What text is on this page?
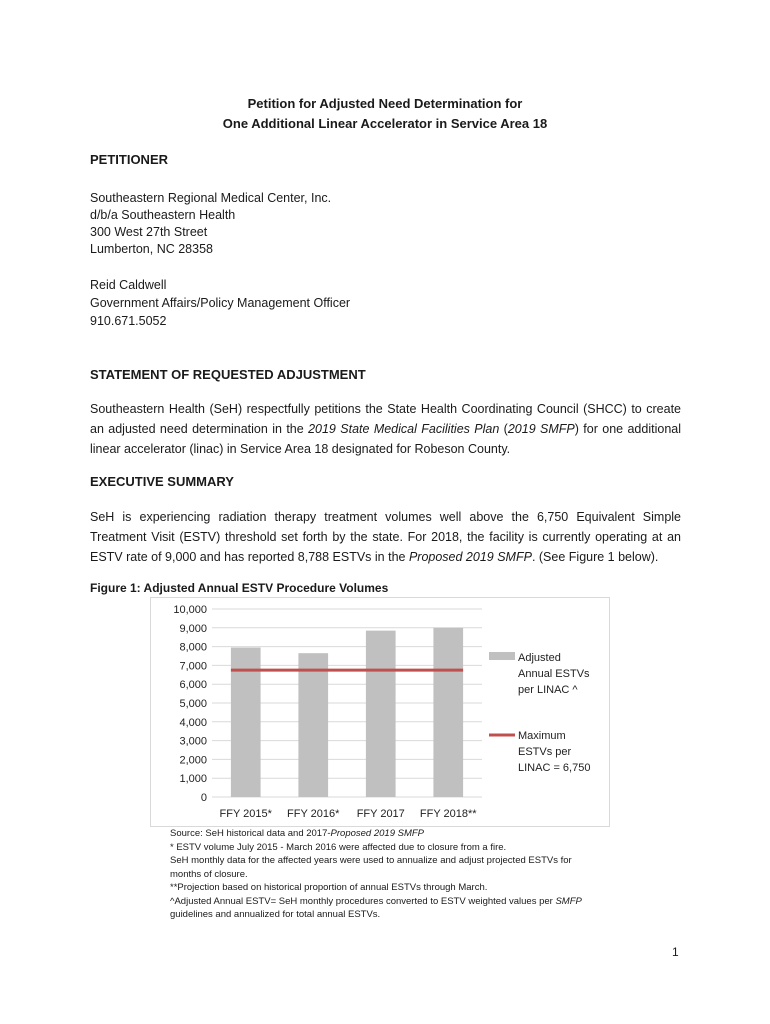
Petition for Adjusted Need Determination for
One Additional Linear Accelerator in Service Area 18
PETITIONER
Southeastern Regional Medical Center, Inc.
d/b/a Southeastern Health
300 West 27th Street
Lumberton, NC 28358
Reid Caldwell
Government Affairs/Policy Management Officer
910.671.5052
STATEMENT OF REQUESTED ADJUSTMENT
Southeastern Health (SeH) respectfully petitions the State Health Coordinating Council (SHCC) to create an adjusted need determination in the 2019 State Medical Facilities Plan (2019 SMFP) for one additional linear accelerator (linac) in Service Area 18 designated for Robeson County.
EXECUTIVE SUMMARY
SeH is experiencing radiation therapy treatment volumes well above the 6,750 Equivalent Simple Treatment Visit (ESTV) threshold set forth by the state. For 2018, the facility is currently operating at an ESTV rate of 9,000 and has reported 8,788 ESTVs in the Proposed 2019 SMFP. (See Figure 1 below).
Figure 1: Adjusted Annual ESTV Procedure Volumes
0
1,000
2,000
3,000
4,000
5,000
6,000
7,000
8,000
9,000
10,000
FFY 2015* FFY 2016* FFY 2017 FFY 2018**
Adjusted
Annual ESTVs
per LINAC ^
Maximum
ESTVs per
LINAC = 6,750
Source: SeH historical data and 2017-Proposed 2019 SMFP
* ESTV volume July 2015 - March 2016 were affected due to closure from a fire.
SeH monthly data for the affected years were used to annualize and adjust projected ESTVs for
months of closure.
**Projection based on historical proportion of annual ESTVs through March.
^Adjusted Annual ESTV= SeH monthly procedures converted to ESTV weighted values per SMFP
guidelines and annualized for total annual ESTVs.
1
